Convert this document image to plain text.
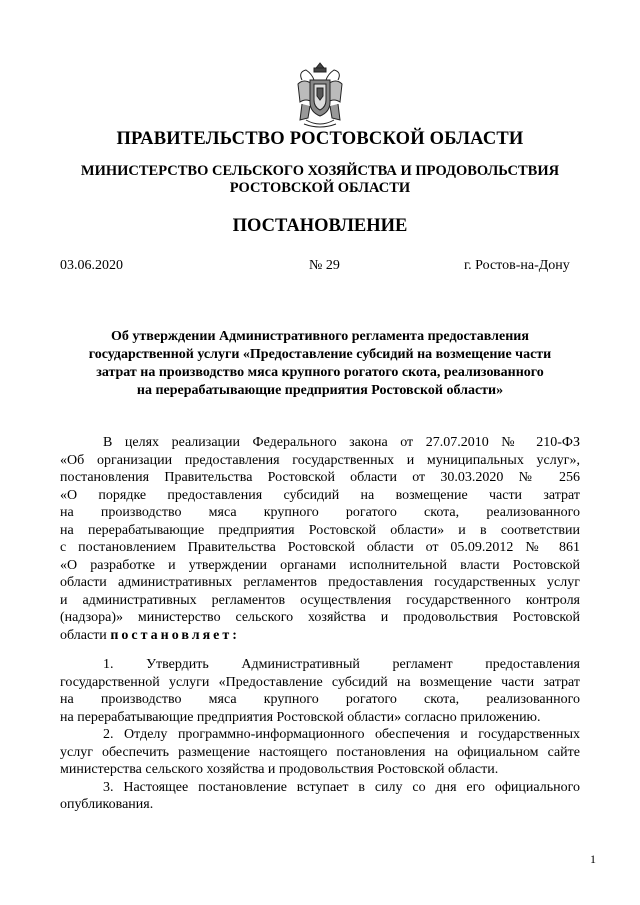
ПРАВИТЕЛЬСТВО РОСТОВСКОЙ ОБЛАСТИ
МИНИСТЕРСТВО СЕЛЬСКОГО ХОЗЯЙСТВА И ПРОДОВОЛЬСТВИЯ
РОСТОВСКОЙ ОБЛАСТИ
ПОСТАНОВЛЕНИЕ
03.06.2020	№ 29	г. Ростов-на-Дону
Об утверждении Административного регламента предоставления
государственной услуги «Предоставление субсидий на возмещение части
затрат на производство мяса крупного рогатого скота, реализованного
на перерабатывающие предприятия Ростовской области»
В целях реализации Федерального закона от 27.07.2010 № 210-ФЗ
«Об организации предоставления государственных и муниципальных услуг»,
постановления Правительства Ростовской области от 30.03.2020 № 256
«О порядке предоставления субсидий на возмещение части затрат
на производство мяса крупного рогатого скота, реализованного
на перерабатывающие предприятия Ростовской области» и в соответствии
с постановлением Правительства Ростовской области от 05.09.2012 № 861
«О разработке и утверждении органами исполнительной власти Ростовской
области административных регламентов предоставления государственных услуг
и административных регламентов осуществления государственного контроля
(надзора)» министерство сельского хозяйства и продовольствия Ростовской
области постановляет:
1. Утвердить Административный регламент предоставления
государственной услуги «Предоставление субсидий на возмещение части затрат
на производство мяса крупного рогатого скота, реализованного
на перерабатывающие предприятия Ростовской области» согласно приложению.
2. Отделу программно-информационного обеспечения и государственных
услуг обеспечить размещение настоящего постановления на официальном сайте
министерства сельского хозяйства и продовольствия Ростовской области.
3. Настоящее постановление вступает в силу со дня его официального
опубликования.
1
